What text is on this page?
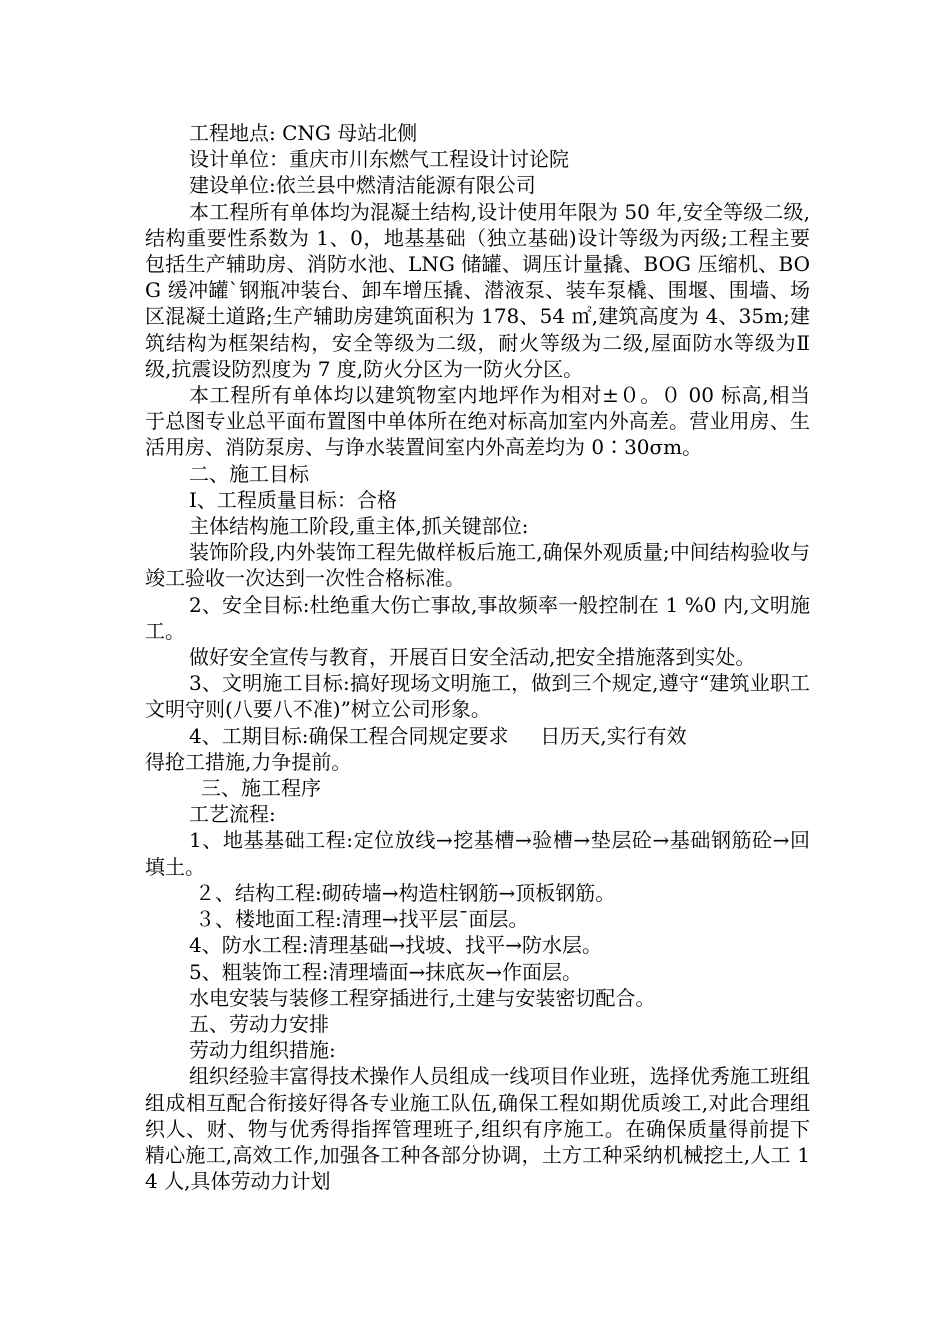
工程地点: CNG 母站北侧

设计单位：重庆市川东燃气工程设计讨论院

建设单位:依兰县中燃清洁能源有限公司

本工程所有单体均为混凝土结构,设计使用年限为 50 年,安全等级二级,结构重要性系数为 1、0，地基基础（独立基础)设计等级为丙级;工程主要包括生产辅助房、消防水池、LNG 储罐、调压计量撬、BOG 压缩机、BOG 缓冲罐`钢瓶冲装台、卸车增压撬、潜液泵、装车泵橇、围堰、围墙、场区混凝土道路;生产辅助房建筑面积为 178、54 ㎡,建筑高度为 4、35m;建筑结构为框架结构，安全等级为二级，耐火等级为二级,屋面防水等级为Ⅱ级,抗震设防烈度为 7 度,防火分区为一防火分区。

本工程所有单体均以建筑物室内地坪作为相对±０。０ 00 标高,相当于总图专业总平面布置图中单体所在绝对标高加室内外高差。营业用房、生活用房、消防泵房、与诤水装置间室内外高差均为 0∶30σm。

二、施工目标

I、工程质量目标：合格

主体结构施工阶段,重主体,抓关键部位:

装饰阶段,内外装饰工程先做样板后施工,确保外观质量;中间结构验收与竣工验收一次达到一次性合格标准。

2、安全目标:杜绝重大伤亡事故,事故频率一般控制在 1 %0 内,文明施工。

做好安全宣传与教育，开展百日安全活动,把安全措施落到实处。

3、文明施工目标:搞好现场文明施工，做到三个规定,遵守“建筑业职工文明守则(八要八不准)”树立公司形象。

4、工期目标:确保工程合同规定要求     日历天,实行有效

得抢工措施,力争提前。

三、施工程序

工艺流程:

1、地基基础工程:定位放线→挖基槽→验槽→垫层砼→基础钢筋砼→回填土。

２、结构工程:砌砖墙→构造柱钢筋→顶板钢筋。

３、楼地面工程:清理→找平层¯面层。

4、防水工程:清理基础→找坡、找平→防水层。

5、粗装饰工程:清理墙面→抹底灰→作面层。

水电安装与装修工程穿插进行,土建与安装密切配合。

五、劳动力安排

劳动力组织措施:

组织经验丰富得技术操作人员组成一线项目作业班，选择优秀施工班组组成相互配合衔接好得各专业施工队伍,确保工程如期优质竣工,对此合理组织人、财、物与优秀得指挥管理班子,组织有序施工。在确保质量得前提下精心施工,高效工作,加强各工种各部分协调，土方工种采纳机械挖土,人工 14 人,具体劳动力计划
